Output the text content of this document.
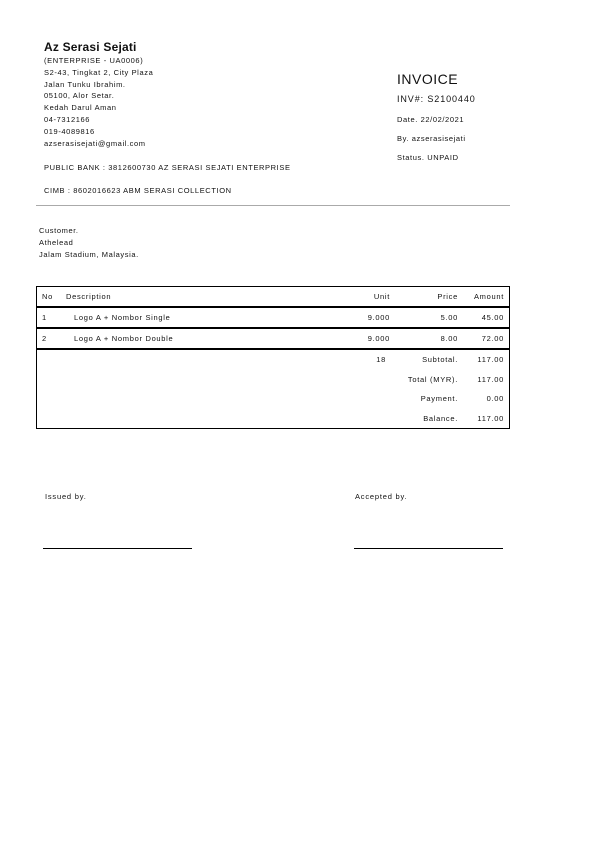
Az Serasi Sejati
(ENTERPRISE - UA0006)
S2-43, Tingkat 2, City Plaza
Jalan Tunku Ibrahim.
05100, Alor Setar.
Kedah Darul Aman
04-7312166
019-4089816
azserasisejati@gmail.com
PUBLIC BANK : 3812600730 AZ SERASI SEJATI ENTERPRISE
CIMB : 8602016623 ABM SERASI COLLECTION
INVOICE
INV#: S2100440
Date. 22/02/2021
By. azserasisejati
Status. UNPAID
Customer.
Athelead
Jalam Stadium, Malaysia.
No	Description	Unit	Price	Amount
1	Logo A + Nombor Single	9.000	5.00	45.00
2	Logo A + Nombor Double	9.000	8.00	72.00
		18	Subtotal.	117.00
			Total (MYR).	117.00
			Payment.	0.00
			Balance.	117.00
Issued by.	Accepted by.
